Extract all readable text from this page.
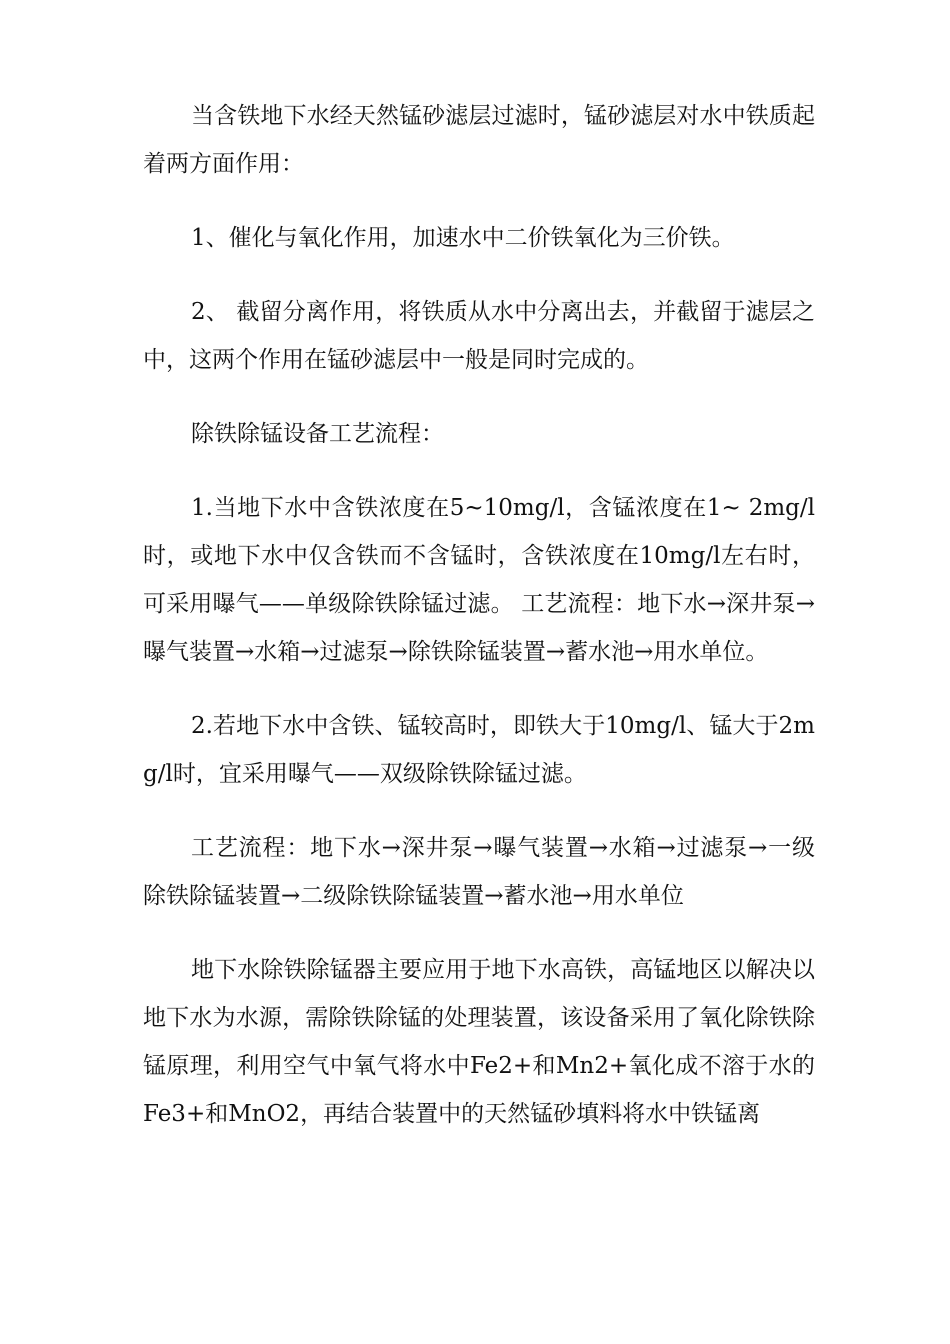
当含铁地下水经天然锰砂滤层过滤时，锰砂滤层对水中铁质起着两方面作用：

1、催化与氧化作用，加速水中二价铁氧化为三价铁。

2、 截留分离作用，将铁质从水中分离出去，并截留于滤层之中，这两个作用在锰砂滤层中一般是同时完成的。

除铁除锰设备工艺流程：

1.当地下水中含铁浓度在5~10mg/l，含锰浓度在1~ 2mg/l时，或地下水中仅含铁而不含锰时，含铁浓度在10mg/l左右时，可采用曝气——单级除铁除锰过滤。 工艺流程：地下水→深井泵→曝气装置→水箱→过滤泵→除铁除锰装置→蓄水池→用水单位。

2.若地下水中含铁、锰较高时，即铁大于10mg/l、锰大于2mg/l时，宜采用曝气——双级除铁除锰过滤。

工艺流程：地下水→深井泵→曝气装置→水箱→过滤泵→一级除铁除锰装置→二级除铁除锰装置→蓄水池→用水单位

地下水除铁除锰器主要应用于地下水高铁，高锰地区以解决以地下水为水源，需除铁除锰的处理装置，该设备采用了氧化除铁除锰原理，利用空气中氧气将水中Fe2+和Mn2+氧化成不溶于水的Fe3+和MnO2，再结合装置中的天然锰砂填料将水中铁锰离
